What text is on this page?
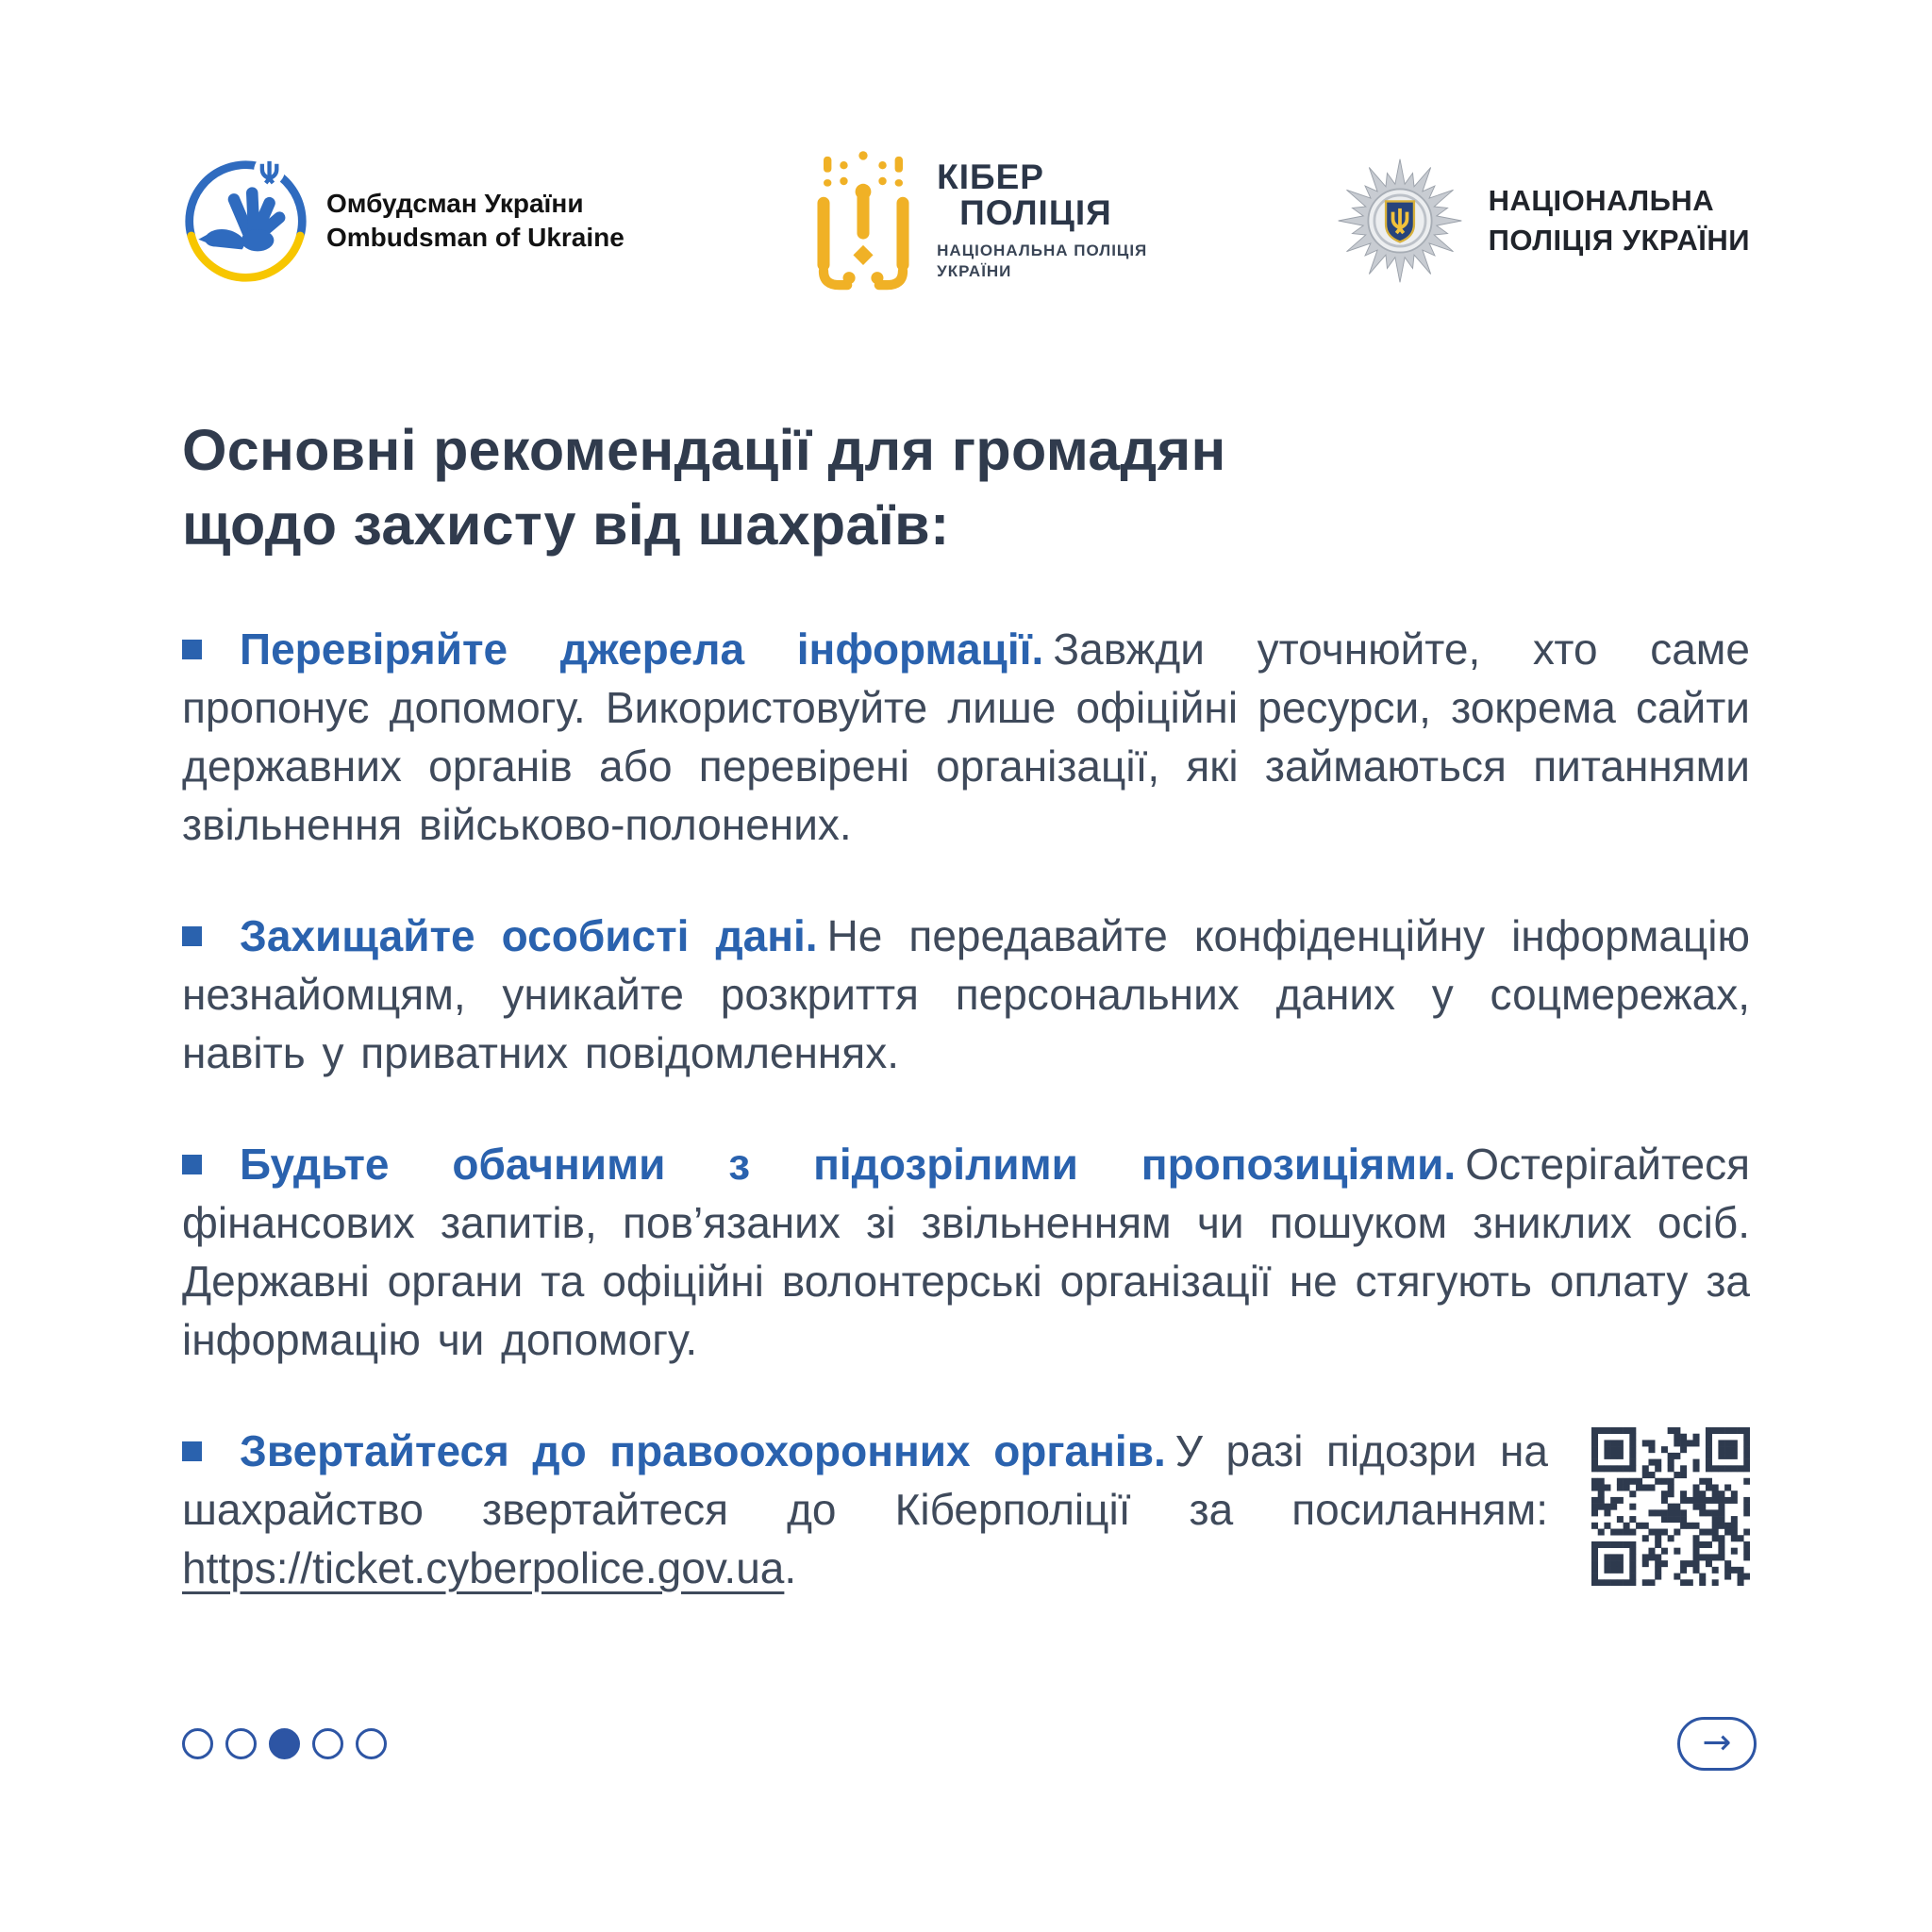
Омбудсман України
Ombudsman of Ukraine
КІБЕР
ПОЛІЦІЯ
НАЦІОНАЛЬНА ПОЛІЦІЯ
УКРАЇНИ
НАЦІОНАЛЬНА
ПОЛІЦІЯ УКРАЇНИ
Основні рекомендації для громадян
щодо захисту від шахраїв:

Перевіряйте джерела інформації. Завжди уточнюйте, хто саме пропонує допомогу. Використовуйте лише офіційні ресурси, зокрема сайти державних органів або перевірені організації, які займаються питаннями звільнення військово-полонених.

Захищайте особисті дані. Не передавайте конфіденційну інформацію незнайомцям, уникайте розкриття персональних даних у соцмережах, навіть у приватних повідомленнях.

Будьте обачними з підозрілими пропозиціями. Остерігайтеся фінансових запитів, пов’язаних зі звільненням чи пошуком зниклих осіб. Державні органи та офіційні волонтерські організації не стягують оплату за інформацію чи допомогу.

Звертайтеся до правоохоронних органів. У разі підозри на шахрайство звертайтеся до Кіберполіції за посиланням: https://ticket.cyberpolice.gov.ua.

→
